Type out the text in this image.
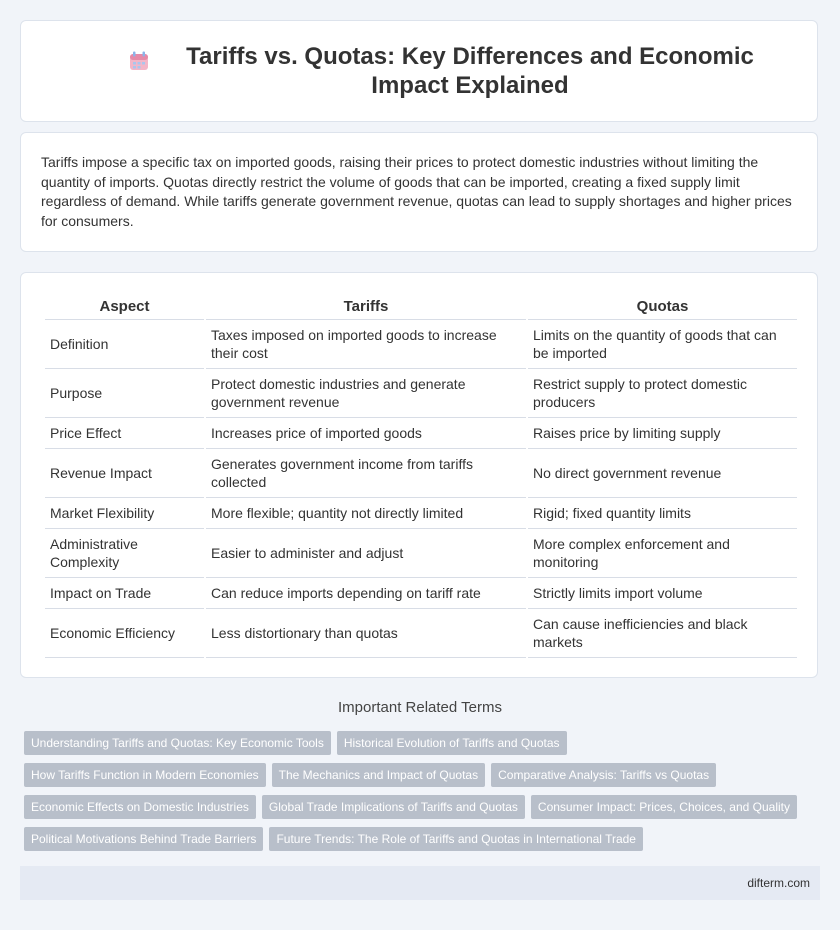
Tariffs vs. Quotas: Key Differences and Economic Impact Explained

Tariffs impose a specific tax on imported goods, raising their prices to protect domestic industries without limiting the quantity of imports. Quotas directly restrict the volume of goods that can be imported, creating a fixed supply limit regardless of demand. While tariffs generate government revenue, quotas can lead to supply shortages and higher prices for consumers.

Aspect	Tariffs	Quotas
Definition	Taxes imposed on imported goods to increase their cost	Limits on the quantity of goods that can be imported
Purpose	Protect domestic industries and generate government revenue	Restrict supply to protect domestic producers
Price Effect	Increases price of imported goods	Raises price by limiting supply
Revenue Impact	Generates government income from tariffs collected	No direct government revenue
Market Flexibility	More flexible; quantity not directly limited	Rigid; fixed quantity limits
Administrative Complexity	Easier to administer and adjust	More complex enforcement and monitoring
Impact on Trade	Can reduce imports depending on tariff rate	Strictly limits import volume
Economic Efficiency	Less distortionary than quotas	Can cause inefficiencies and black markets
Important Related Terms
Understanding Tariffs and Quotas: Key Economic Tools Historical Evolution of Tariffs and Quotas
How Tariffs Function in Modern Economies The Mechanics and Impact of Quotas Comparative Analysis: Tariffs vs Quotas
Economic Effects on Domestic Industries Global Trade Implications of Tariffs and Quotas Consumer Impact: Prices, Choices, and Quality
Political Motivations Behind Trade Barriers Future Trends: The Role of Tariffs and Quotas in International Trade
difterm.com
